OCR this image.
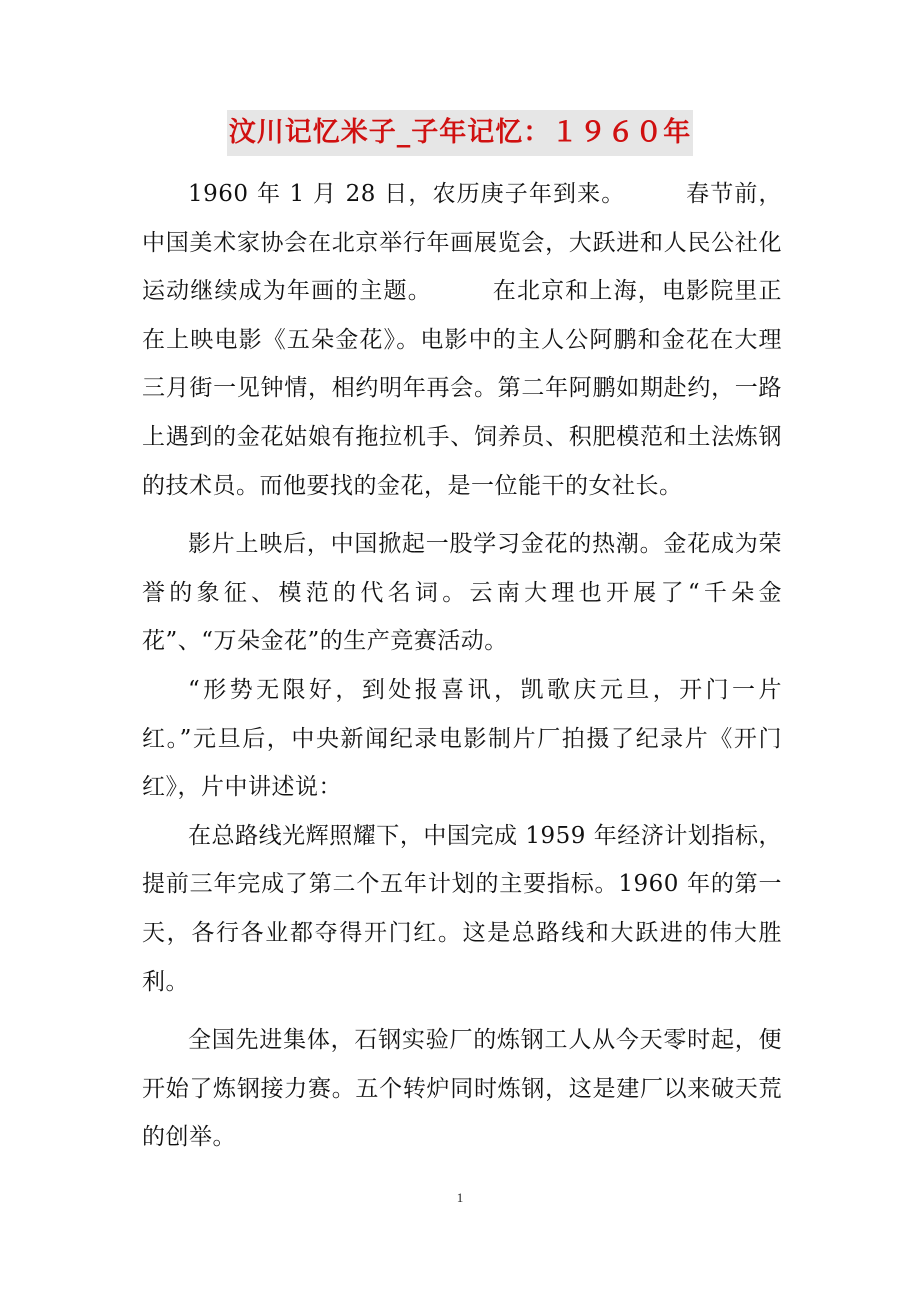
汶川记忆米子_子年记忆：１９６０年

1960 年 1 月 28 日，农历庚子年到来。　　　春节前，中国美术家协会在北京举行年画展览会，大跃进和人民公社化运动继续成为年画的主题。　　　在北京和上海，电影院里正在上映电影《五朵金花》。电影中的主人公阿鹏和金花在大理三月街一见钟情，相约明年再会。第二年阿鹏如期赴约，一路上遇到的金花姑娘有拖拉机手、饲养员、积肥模范和土法炼钢的技术员。而他要找的金花，是一位能干的女社长。

影片上映后，中国掀起一股学习金花的热潮。金花成为荣誉的象征、模范的代名词。云南大理也开展了“千朵金花”、“万朵金花”的生产竞赛活动。

“形势无限好，到处报喜讯，凯歌庆元旦，开门一片红。”元旦后，中央新闻纪录电影制片厂拍摄了纪录片《开门红》，片中讲述说：

在总路线光辉照耀下，中国完成 1959 年经济计划指标，提前三年完成了第二个五年计划的主要指标。1960 年的第一天，各行各业都夺得开门红。这是总路线和大跃进的伟大胜利。

全国先进集体，石钢实验厂的炼钢工人从今天零时起，便开始了炼钢接力赛。五个转炉同时炼钢，这是建厂以来破天荒的创举。

1
